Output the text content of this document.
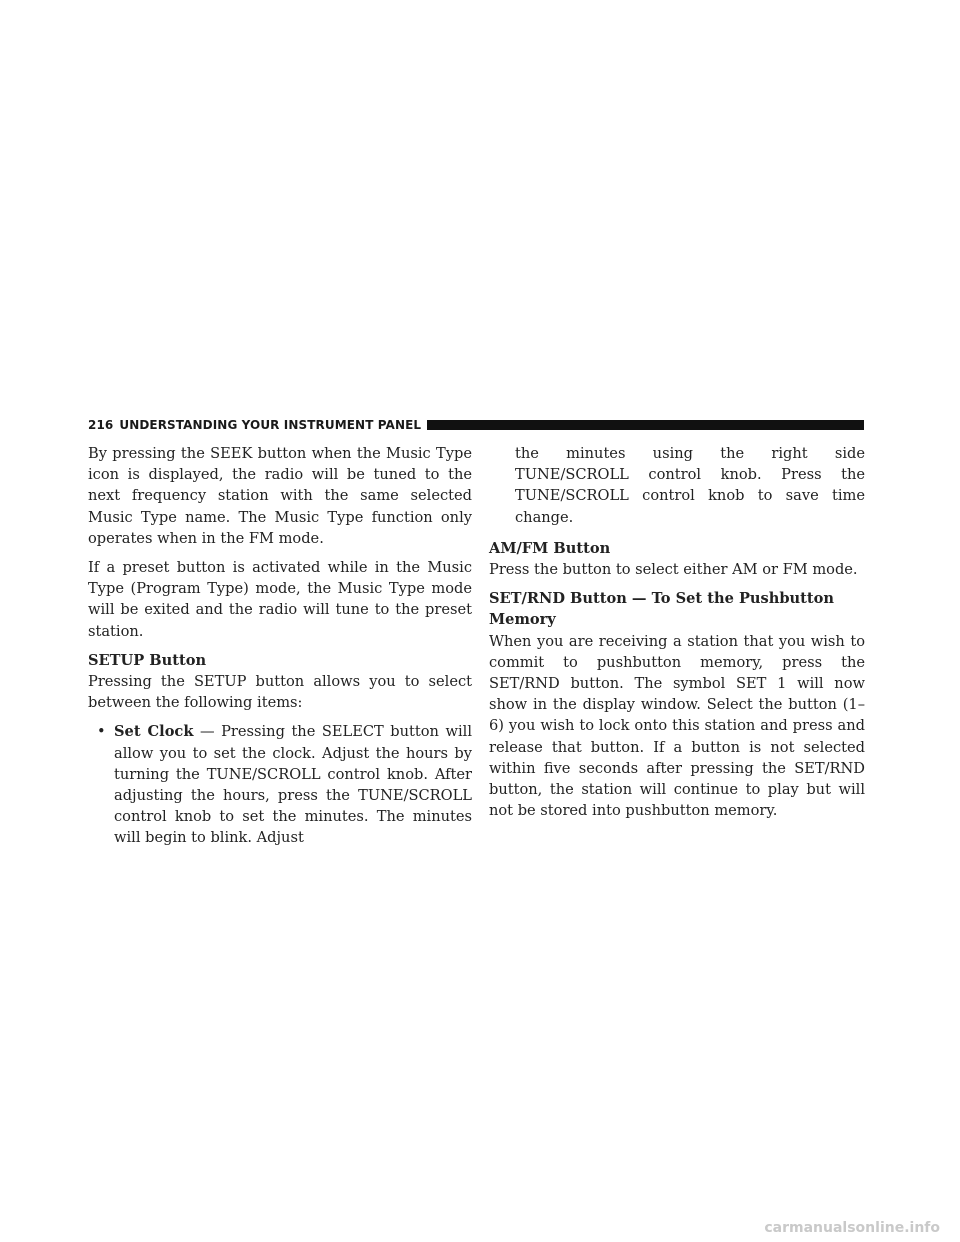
216 UNDERSTANDING YOUR INSTRUMENT PANEL

By pressing the SEEK button when the Music Type icon is displayed, the radio will be tuned to the next frequency station with the same selected Music Type name. The Music Type function only operates when in the FM mode.

If a preset button is activated while in the Music Type (Program Type) mode, the Music Type mode will be exited and the radio will tune to the preset station.

SETUP Button

Pressing the SETUP button allows you to select between the following items:

• Set Clock — Pressing the SELECT button will allow you to set the clock. Adjust the hours by turning the TUNE/SCROLL control knob. After adjusting the hours, press the TUNE/SCROLL control knob to set the minutes. The minutes will begin to blink. Adjust

the minutes using the right side TUNE/SCROLL control knob. Press the TUNE/SCROLL control knob to save time change.

AM/FM Button

Press the button to select either AM or FM mode.

SET/RND Button — To Set the Pushbutton
Memory

When you are receiving a station that you wish to commit to pushbutton memory, press the SET/RND button. The symbol SET 1 will now show in the display window. Select the button (1–6) you wish to lock onto this station and press and release that button. If a button is not selected within five seconds after pressing the SET/RND button, the station will continue to play but will not be stored into pushbutton memory.

carmanualsonline.info
